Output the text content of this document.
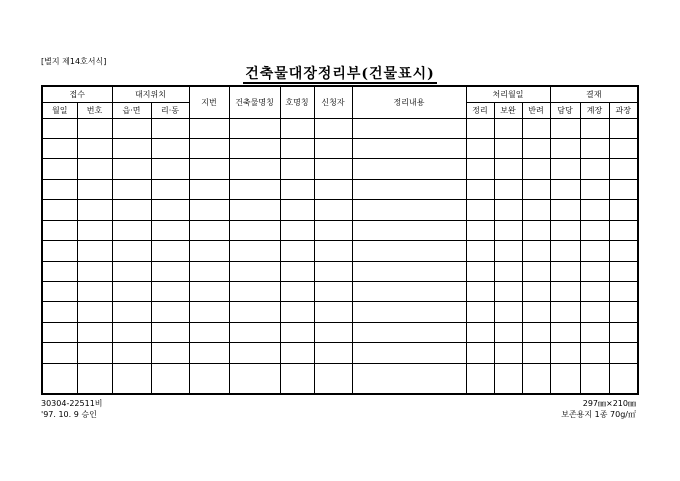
[별지 제14호서식]
건축물대장정리부(건물표시)
접수		대지위치		지번	건축물명칭	호명칭	신청자	정리내용	처리월일			결재		
월일	번호	읍·면	리·동						정리	보완	반려	담당	계장	과장

30304-22511비
'97. 10. 9 승인
297㎜×210㎜
보존용지 1종 70g/㎡
